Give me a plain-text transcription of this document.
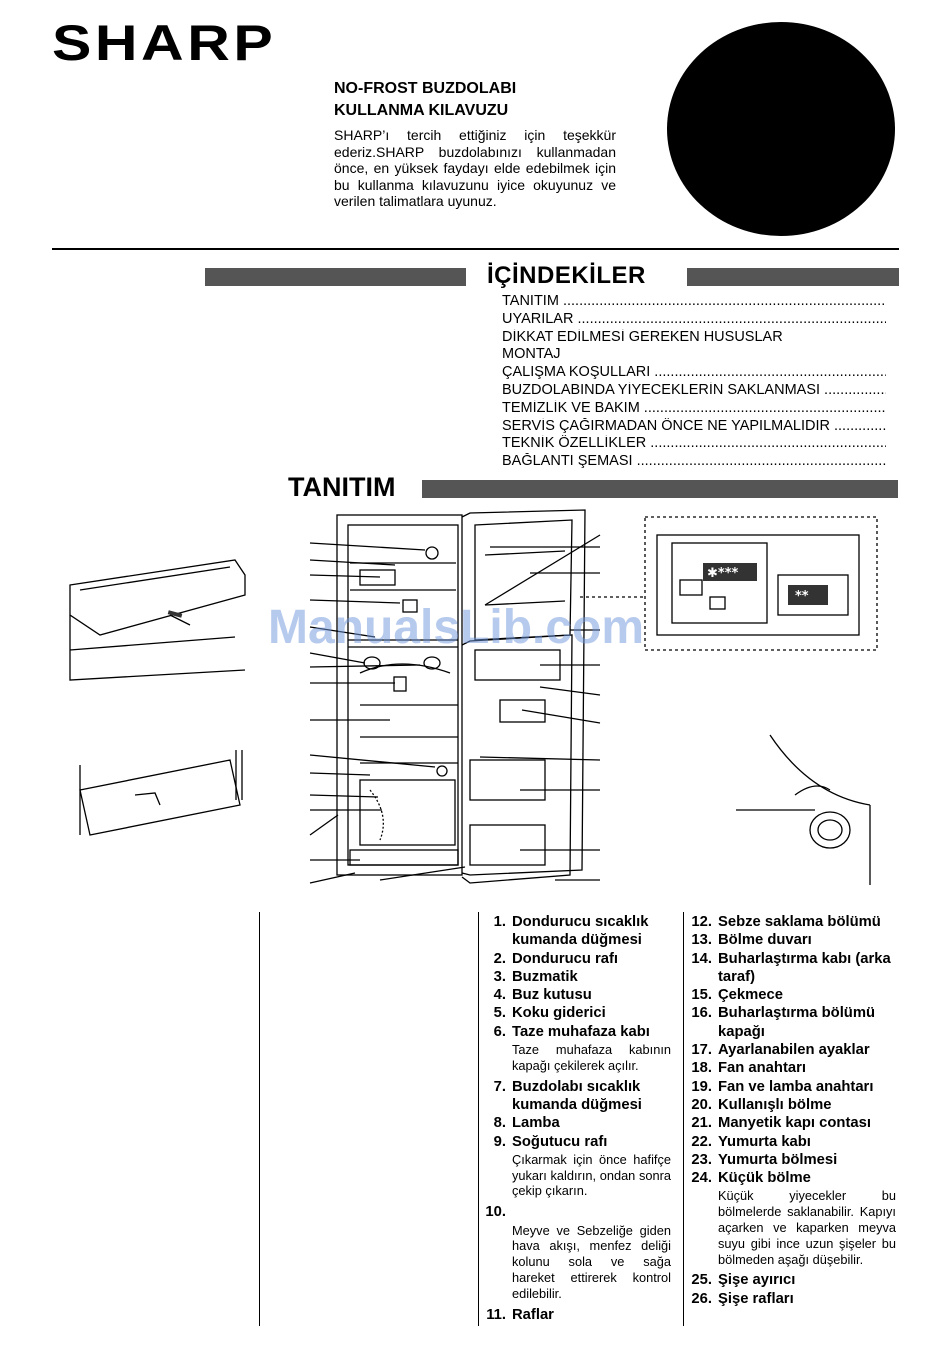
SHARP
NO-FROST BUZDOLABI
KULLANMA KILAVUZU
SHARP’ı tercih ettiğiniz için teşekkür ederiz.SHARP buzdolabınızı kullanmadan önce, en yüksek faydayı elde edebilmek için bu kullanma kılavuzunu iyice okuyunuz ve verilen talimatlara uyunuz.
İÇİNDEKİLER
TANITIM .....
UYARILAR .....
DİKKAT EDİLMESİ GEREKEN HUSUSLAR
MONTAJ
ÇALIŞMA KOŞULLARI .....
BUZDOLABINDA YİYECEKLERİN SAKLANMASI .....
TEMİZLİK VE BAKIM .....
SERVİS ÇAĞIRMADAN ÖNCE NE YAPILMALIDIR .....
TEKNİK ÖZELLİKLER .....
BAĞLANTI ŞEMASI .....
TANITIM
✱***
**
ManualsLib.com
1. Dondurucu sıcaklık kumanda düğmesi
2. Dondurucu rafı
3. Buzmatik
4. Buz kutusu
5. Koku giderici
6. Taze muhafaza kabı
Taze muhafaza kabının kapağı çekilerek açılır.
7. Buzdolabı sıcaklık kumanda düğmesi
8. Lamba
9. Soğutucu rafı
Çıkarmak için önce hafifçe yukarı kaldırın, ondan sonra çekip çıkarın.
10.
Meyve ve Sebzeliğe giden hava akışı, menfez deliği kolunu sola ve sağa hareket ettirerek kontrol edilebilir.
11. Raflar
12. Sebze saklama bölümü
13. Bölme duvarı
14. Buharlaştırma kabı (arka taraf)
15. Çekmece
16. Buharlaştırma bölümü kapağı
17. Ayarlanabilen ayaklar
18. Fan anahtarı
19. Fan ve lamba anahtarı
20. Kullanışlı bölme
21. Manyetik kapı contası
22. Yumurta kabı
23. Yumurta bölmesi
24. Küçük bölme
Küçük yiyecekler bu bölmelerde saklanabilir. Kapıyı açarken ve kaparken meyva suyu gibi ince uzun şişeler bu bölmeden aşağı düşebilir.
25. Şişe ayırıcı
26. Şişe rafları
